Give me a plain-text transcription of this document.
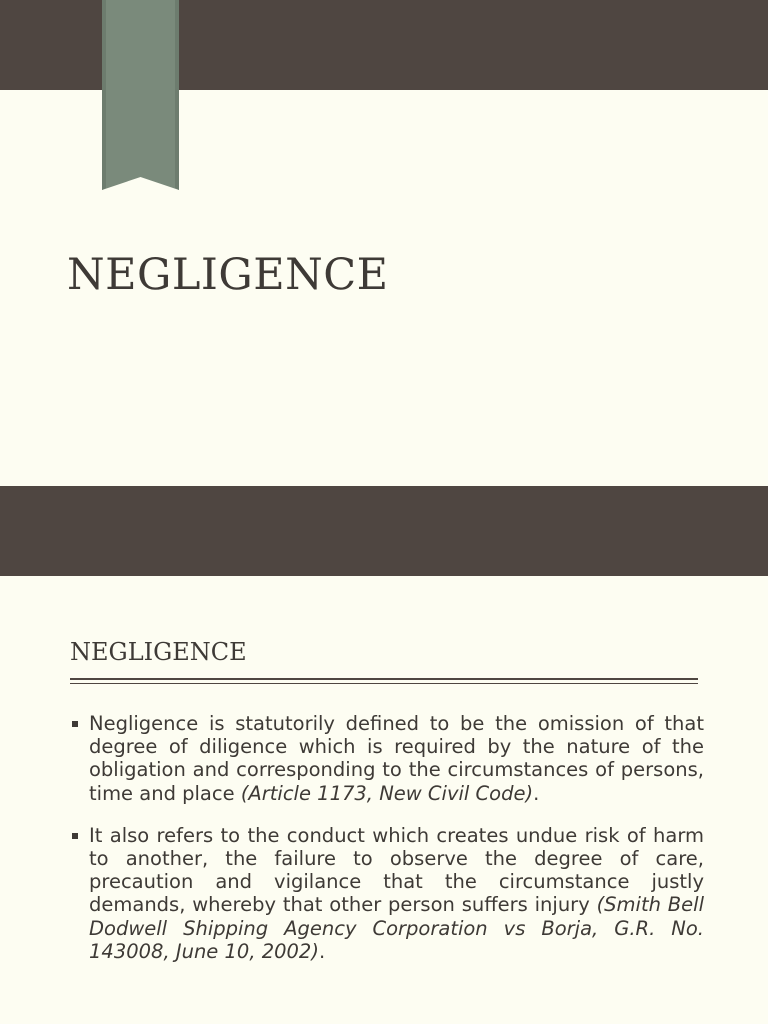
NEGLIGENCE
NEGLIGENCE
Negligence is statutorily defined to be the omission of that degree of diligence which is required by the nature of the obligation and corresponding to the circumstances of persons, time and place (Article 1173, New Civil Code).
It also refers to the conduct which creates undue risk of harm to another, the failure to observe the degree of care, precaution and vigilance that the circumstance justly demands, whereby that other person suffers injury (Smith Bell Dodwell Shipping Agency Corporation vs Borja, G.R. No. 143008, June 10, 2002).
